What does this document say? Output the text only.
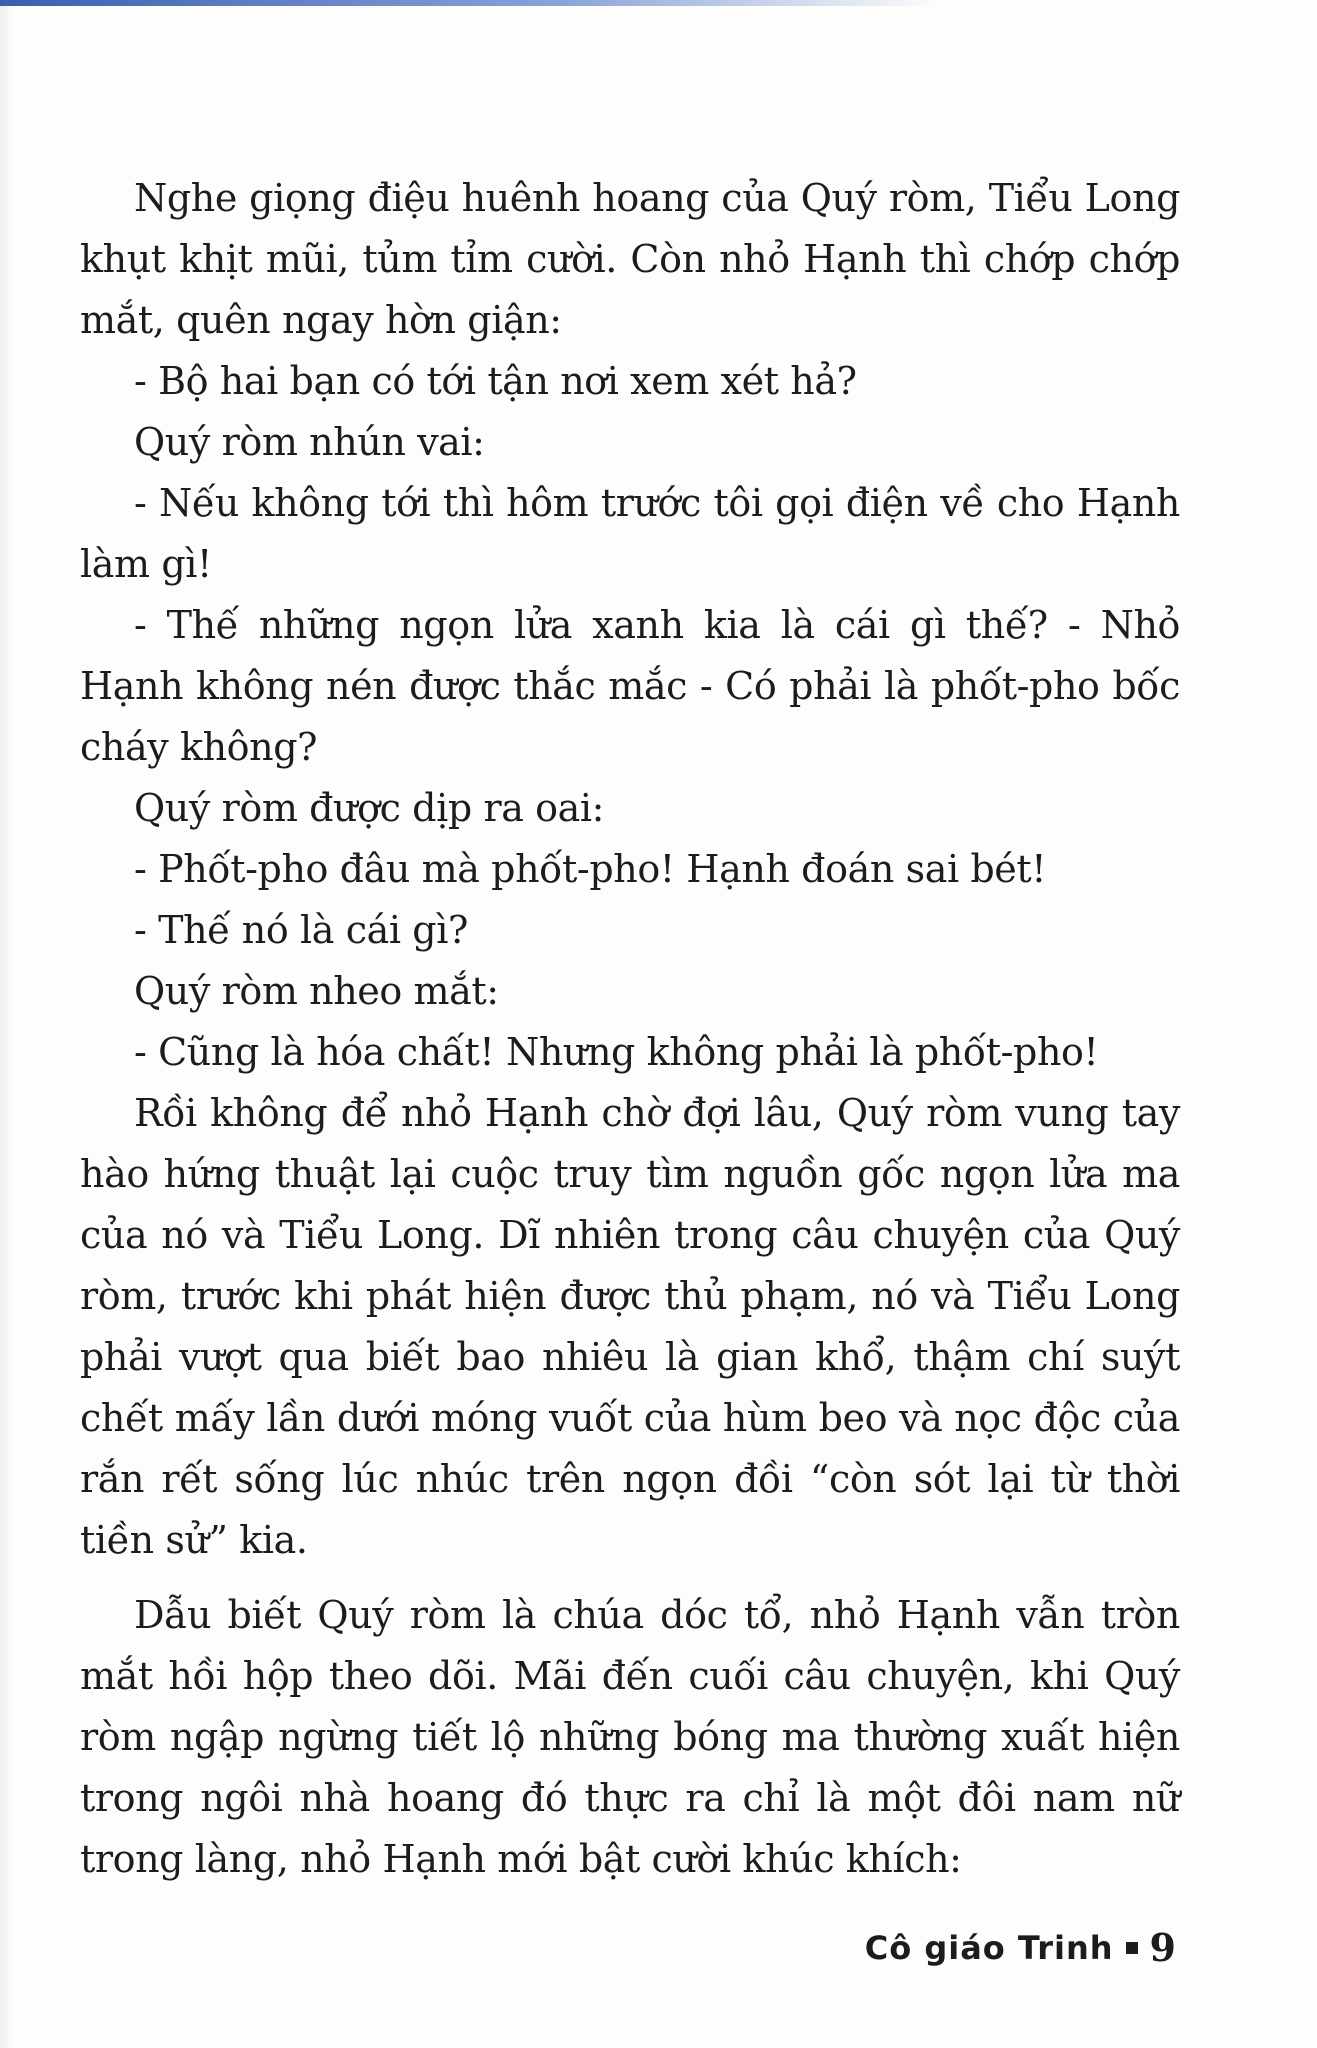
Nghe giọng điệu huênh hoang của Quý ròm, Tiểu Long khụt khịt mũi, tủm tỉm cười. Còn nhỏ Hạnh thì chớp chớp mắt, quên ngay hờn giận:

- Bộ hai bạn có tới tận nơi xem xét hả?

Quý ròm nhún vai:

- Nếu không tới thì hôm trước tôi gọi điện về cho Hạnh làm gì!

- Thế những ngọn lửa xanh kia là cái gì thế? - Nhỏ Hạnh không nén được thắc mắc - Có phải là phốt-pho bốc cháy không?

Quý ròm được dịp ra oai:

- Phốt-pho đâu mà phốt-pho! Hạnh đoán sai bét!

- Thế nó là cái gì?

Quý ròm nheo mắt:

- Cũng là hóa chất! Nhưng không phải là phốt-pho!

Rồi không để nhỏ Hạnh chờ đợi lâu, Quý ròm vung tay hào hứng thuật lại cuộc truy tìm nguồn gốc ngọn lửa ma của nó và Tiểu Long. Dĩ nhiên trong câu chuyện của Quý ròm, trước khi phát hiện được thủ phạm, nó và Tiểu Long phải vượt qua biết bao nhiêu là gian khổ, thậm chí suýt chết mấy lần dưới móng vuốt của hùm beo và nọc độc của rắn rết sống lúc nhúc trên ngọn đồi “còn sót lại từ thời tiền sử” kia.

Dẫu biết Quý ròm là chúa dóc tổ, nhỏ Hạnh vẫn tròn mắt hồi hộp theo dõi. Mãi đến cuối câu chuyện, khi Quý ròm ngập ngừng tiết lộ những bóng ma thường xuất hiện trong ngôi nhà hoang đó thực ra chỉ là một đôi nam nữ trong làng, nhỏ Hạnh mới bật cười khúc khích:

Cô giáo Trinh 9
